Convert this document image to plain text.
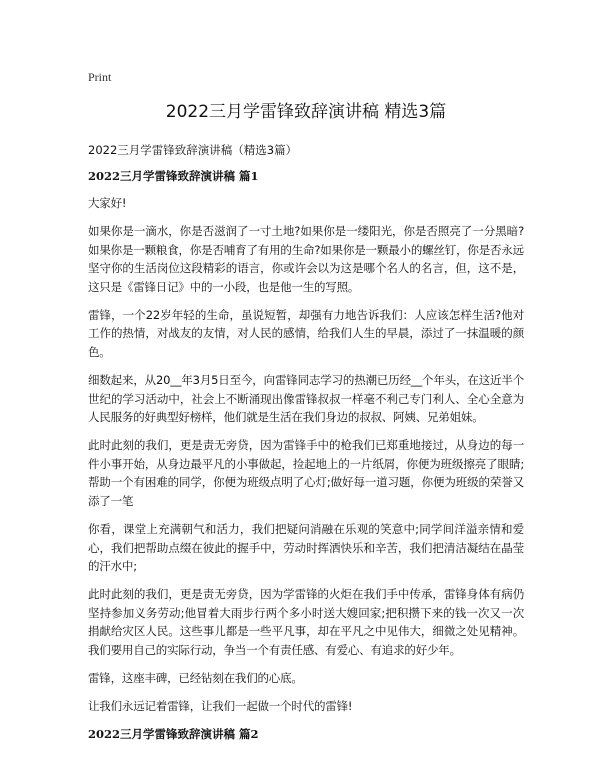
Print
2022三月学雷锋致辞演讲稿 精选3篇
2022三月学雷锋致辞演讲稿（精选3篇）
2022三月学雷锋致辞演讲稿 篇1
大家好!
如果你是一滴水，你是否滋润了一寸土地?如果你是一缕阳光，你是否照亮了一分黑暗?如果你是一颗粮食，你是否哺育了有用的生命?如果你是一颗最小的螺丝钉，你是否永远坚守你的生活岗位这段精彩的语言，你或许会以为这是哪个名人的名言，但，这不是，这只是《雷锋日记》中的一小段，也是他一生的写照。
雷锋，一个22岁年轻的生命，虽说短暂，却强有力地告诉我们：人应该怎样生活?他对工作的热情，对战友的友情，对人民的感情，给我们人生的早晨，添过了一抹温暖的颜色。
细数起来，从20__年3月5日至今，向雷锋同志学习的热潮已历经__个年头，在这近半个世纪的学习活动中，社会上不断涌现出像雷锋叔叔一样毫不利己专门利人、全心全意为人民服务的好典型好榜样，他们就是生活在我们身边的叔叔、阿姨、兄弟姐妹。
此时此刻的我们，更是责无旁贷，因为雷锋手中的枪我们已郑重地接过，从身边的每一件小事开始，从身边最平凡的小事做起，捡起地上的一片纸屑，你便为班级擦亮了眼睛;帮助一个有困难的同学，你便为班级点明了心灯;做好每一道习题，你便为班级的荣誉又添了一笔
你看，课堂上充满朝气和活力，我们把疑问消融在乐观的笑意中;同学间洋溢亲情和爱心，我们把帮助点缀在彼此的握手中，劳动时挥洒快乐和辛苦，我们把清洁凝结在晶莹的汗水中;
此时此刻的我们，更是责无旁贷，因为学雷锋的火炬在我们手中传承，雷锋身体有病仍坚持参加义务劳动;他冒着大雨步行两个多小时送大嫂回家;把积攒下来的钱一次又一次捐献给灾区人民。这些事儿都是一些平凡事，却在平凡之中见伟大，细微之处见精神。我们要用自己的实际行动，争当一个有责任感、有爱心、有追求的好少年。
雷锋，这座丰碑，已经钻刻在我们的心底。
让我们永远记着雷锋，让我们一起做一个时代的雷锋!
2022三月学雷锋致辞演讲稿 篇2
